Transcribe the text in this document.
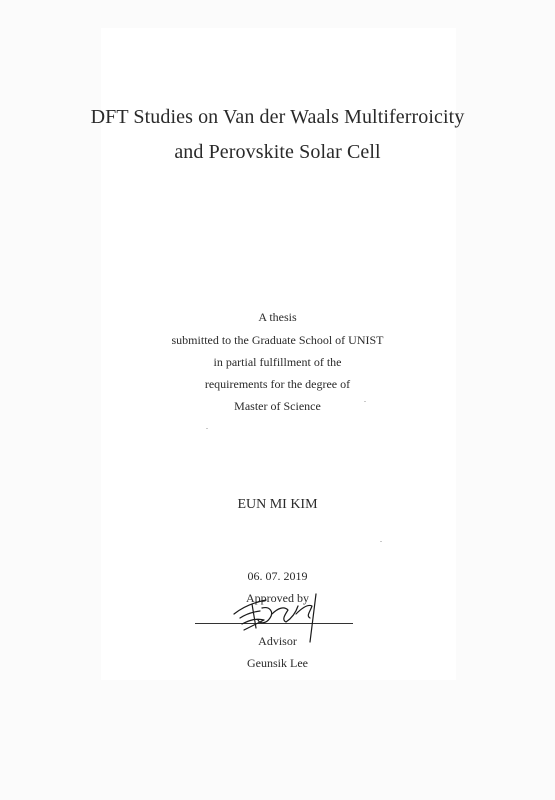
DFT Studies on Van der Waals Multiferroicity
and Perovskite Solar Cell
A thesis
submitted to the Graduate School of UNIST
in partial fulfillment of the
requirements for the degree of
Master of Science
EUN MI KIM
06. 07. 2019
Approved by
Advisor
Geunsik Lee
